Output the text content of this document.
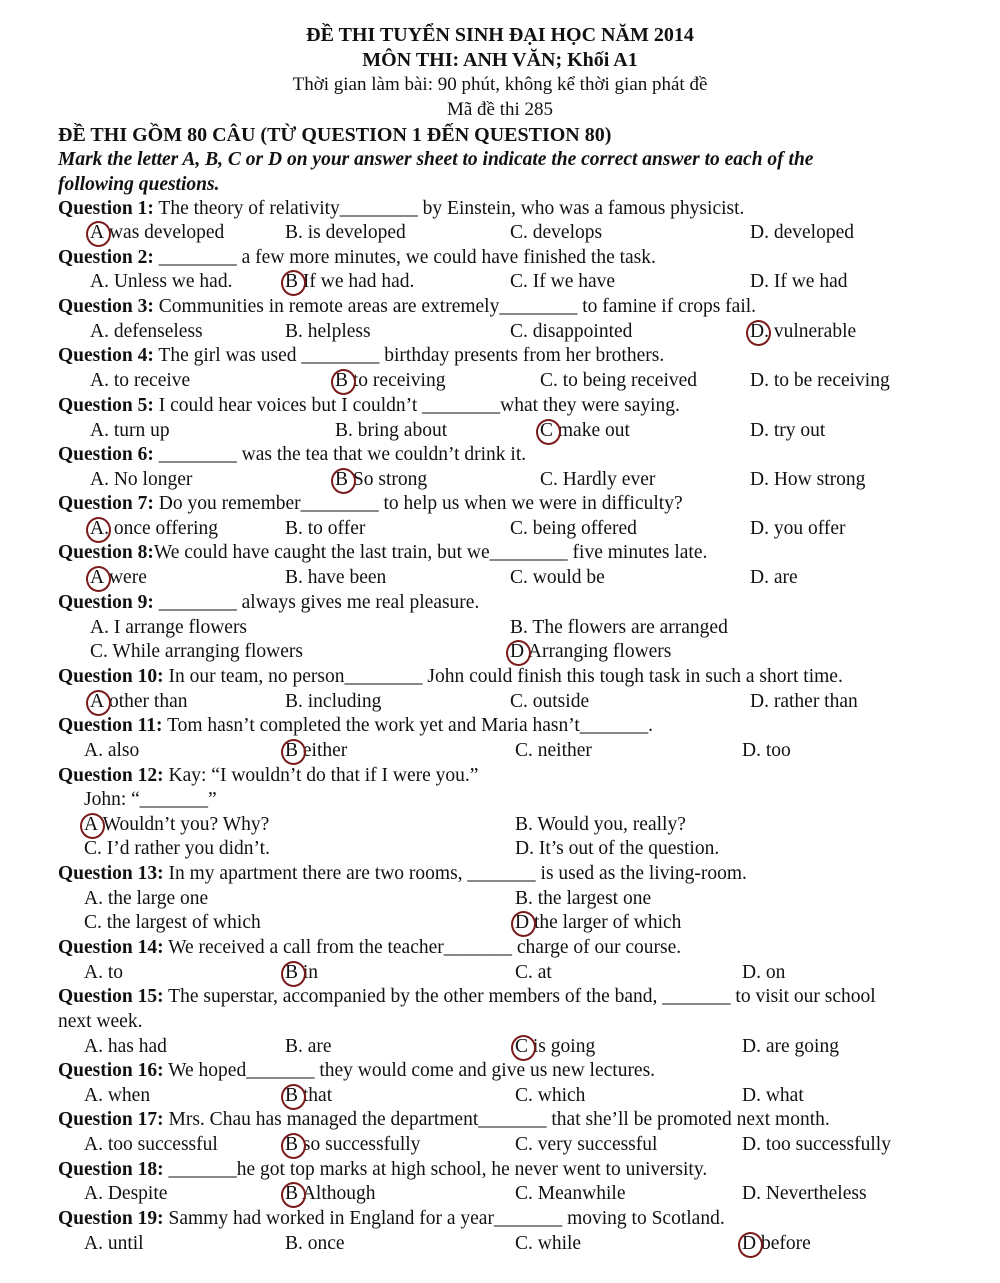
ĐỀ THI TUYỂN SINH ĐẠI HỌC NĂM 2014
MÔN THI: ANH VĂN; Khối A1
Thời gian làm bài: 90 phút, không kể thời gian phát đề
Mã đề thi 285
ĐỀ THI GỒM 80 CÂU (TỪ QUESTION 1 ĐẾN QUESTION 80)
Mark the letter A, B, C or D on your answer sheet to indicate the correct answer to each of the
following questions.
Question 1: The theory of relativity________ by Einstein, who was a famous physicist.
A was developed	B. is developed	C. develops	D. developed
Question 2: ________ a few more minutes, we could have finished the task.
A. Unless we had.	B If we had had.	C. If we have	D. If we had
Question 3: Communities in remote areas are extremely________ to famine if crops fail.
A. defenseless	B. helpless	C. disappointed	D. vulnerable
Question 4: The girl was used ________ birthday presents from her brothers.
A. to receive	B to receiving	C. to being received	D. to be receiving
Question 5: I could hear voices but I couldn’t ________what they were saying.
A. turn up	B. bring about	C make out	D. try out
Question 6: ________ was the tea that we couldn’t drink it.
A. No longer	B So strong	C. Hardly ever	D. How strong
Question 7: Do you remember________ to help us when we were in difficulty?
A. once offering	B. to offer	C. being offered	D. you offer
Question 8:We could have caught the last train, but we________ five minutes late.
A were	B. have been	C. would be	D. are
Question 9: ________ always gives me real pleasure.
A. I arrange flowers	B. The flowers are arranged
C. While arranging flowers	D Arranging flowers
Question 10: In our team, no person________ John could finish this tough task in such a short time.
A other than	B. including	C. outside	D. rather than
Question 11: Tom hasn’t completed the work yet and Maria hasn’t_______.
A. also	B either	C. neither	D. too
Question 12: Kay: “I wouldn’t do that if I were you.”
John: “_______”
A Wouldn’t you? Why?	B. Would you, really?
C. I’d rather you didn’t.	D. It’s out of the question.
Question 13: In my apartment there are two rooms, _______ is used as the living-room.
A. the large one	B. the largest one
C. the largest of which	D the larger of which
Question 14: We received a call from the teacher_______ charge of our course.
A. to	B in	C. at	D. on
Question 15: The superstar, accompanied by the other members of the band, _______ to visit our school
next week.
A. has had	B. are	C is going	D. are going
Question 16: We hoped_______ they would come and give us new lectures.
A. when	B that	C. which	D. what
Question 17: Mrs. Chau has managed the department_______ that she’ll be promoted next month.
A. too successful	B so successfully	C. very successful	D. too successfully
Question 18: _______he got top marks at high school, he never went to university.
A. Despite	B Although	C. Meanwhile	D. Nevertheless
Question 19: Sammy had worked in England for a year_______ moving to Scotland.
A. until	B. once	C. while	D before
